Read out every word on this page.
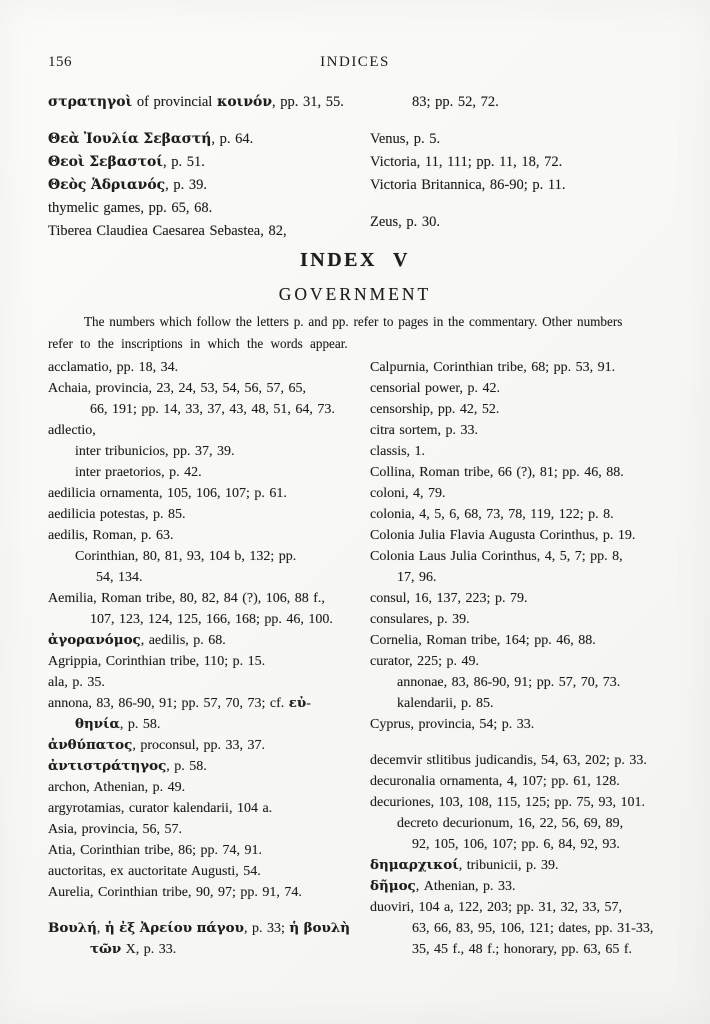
156	INDICES
στρατηγοὶ of provincial κοινόν, pp. 31, 55.
Θεὰ Ἰουλία Σεβαστή, p. 64.
Θεοὶ Σεβαστοί, p. 51.
Θεὸς Ἁδριανός, p. 39.
thymelic games, pp. 65, 68.
Tiberea Claudiea Caesarea Sebastea, 82,
83; pp. 52, 72.
Venus, p. 5.
Victoria, 11, 111; pp. 11, 18, 72.
Victoria Britannica, 86-90; p. 11.
Zeus, p. 30.
INDEX V
GOVERNMENT
The numbers which follow the letters p. and pp. refer to pages in the commentary. Other numbers
refer to the inscriptions in which the words appear.
acclamatio, pp. 18, 34.
Achaia, provincia, 23, 24, 53, 54, 56, 57, 65,
66, 191; pp. 14, 33, 37, 43, 48, 51, 64, 73.
adlectio,
inter tribunicios, pp. 37, 39.
inter praetorios, p. 42.
aedilicia ornamenta, 105, 106, 107; p. 61.
aedilicia potestas, p. 85.
aedilis, Roman, p. 63.
Corinthian, 80, 81, 93, 104 b, 132; pp.
54, 134.
Aemilia, Roman tribe, 80, 82, 84 (?), 106, 88 f.,
107, 123, 124, 125, 166, 168; pp. 46, 100.
ἀγορανόμος, aedilis, p. 68.
Agrippia, Corinthian tribe, 110; p. 15.
ala, p. 35.
annona, 83, 86-90, 91; pp. 57, 70, 73; cf. εὐ-
θηνία, p. 58.
ἀνθύπατος, proconsul, pp. 33, 37.
ἀντιστράτηγος, p. 58.
archon, Athenian, p. 49.
argyrotamias, curator kalendarii, 104 a.
Asia, provincia, 56, 57.
Atia, Corinthian tribe, 86; pp. 74, 91.
auctoritas, ex auctoritate Augusti, 54.
Aurelia, Corinthian tribe, 90, 97; pp. 91, 74.
Βουλή, ἡ ἐξ Ἀρείου πάγου, p. 33; ἡ βουλὴ
τῶν X, p. 33.
Calpurnia, Corinthian tribe, 68; pp. 53, 91.
censorial power, p. 42.
censorship, pp. 42, 52.
citra sortem, p. 33.
classis, 1.
Collina, Roman tribe, 66 (?), 81; pp. 46, 88.
coloni, 4, 79.
colonia, 4, 5, 6, 68, 73, 78, 119, 122; p. 8.
Colonia Julia Flavia Augusta Corinthus, p. 19.
Colonia Laus Julia Corinthus, 4, 5, 7; pp. 8,
17, 96.
consul, 16, 137, 223; p. 79.
consulares, p. 39.
Cornelia, Roman tribe, 164; pp. 46, 88.
curator, 225; p. 49.
annonae, 83, 86-90, 91; pp. 57, 70, 73.
kalendarii, p. 85.
Cyprus, provincia, 54; p. 33.
decemvir stlitibus judicandis, 54, 63, 202; p. 33.
decuronalia ornamenta, 4, 107; pp. 61, 128.
decuriones, 103, 108, 115, 125; pp. 75, 93, 101.
decreto decurionum, 16, 22, 56, 69, 89,
92, 105, 106, 107; pp. 6, 84, 92, 93.
δημαρχικοί, tribunicii, p. 39.
δῆμος, Athenian, p. 33.
duoviri, 104 a, 122, 203; pp. 31, 32, 33, 57,
63, 66, 83, 95, 106, 121; dates, pp. 31-33,
35, 45 f., 48 f.; honorary, pp. 63, 65 f.
